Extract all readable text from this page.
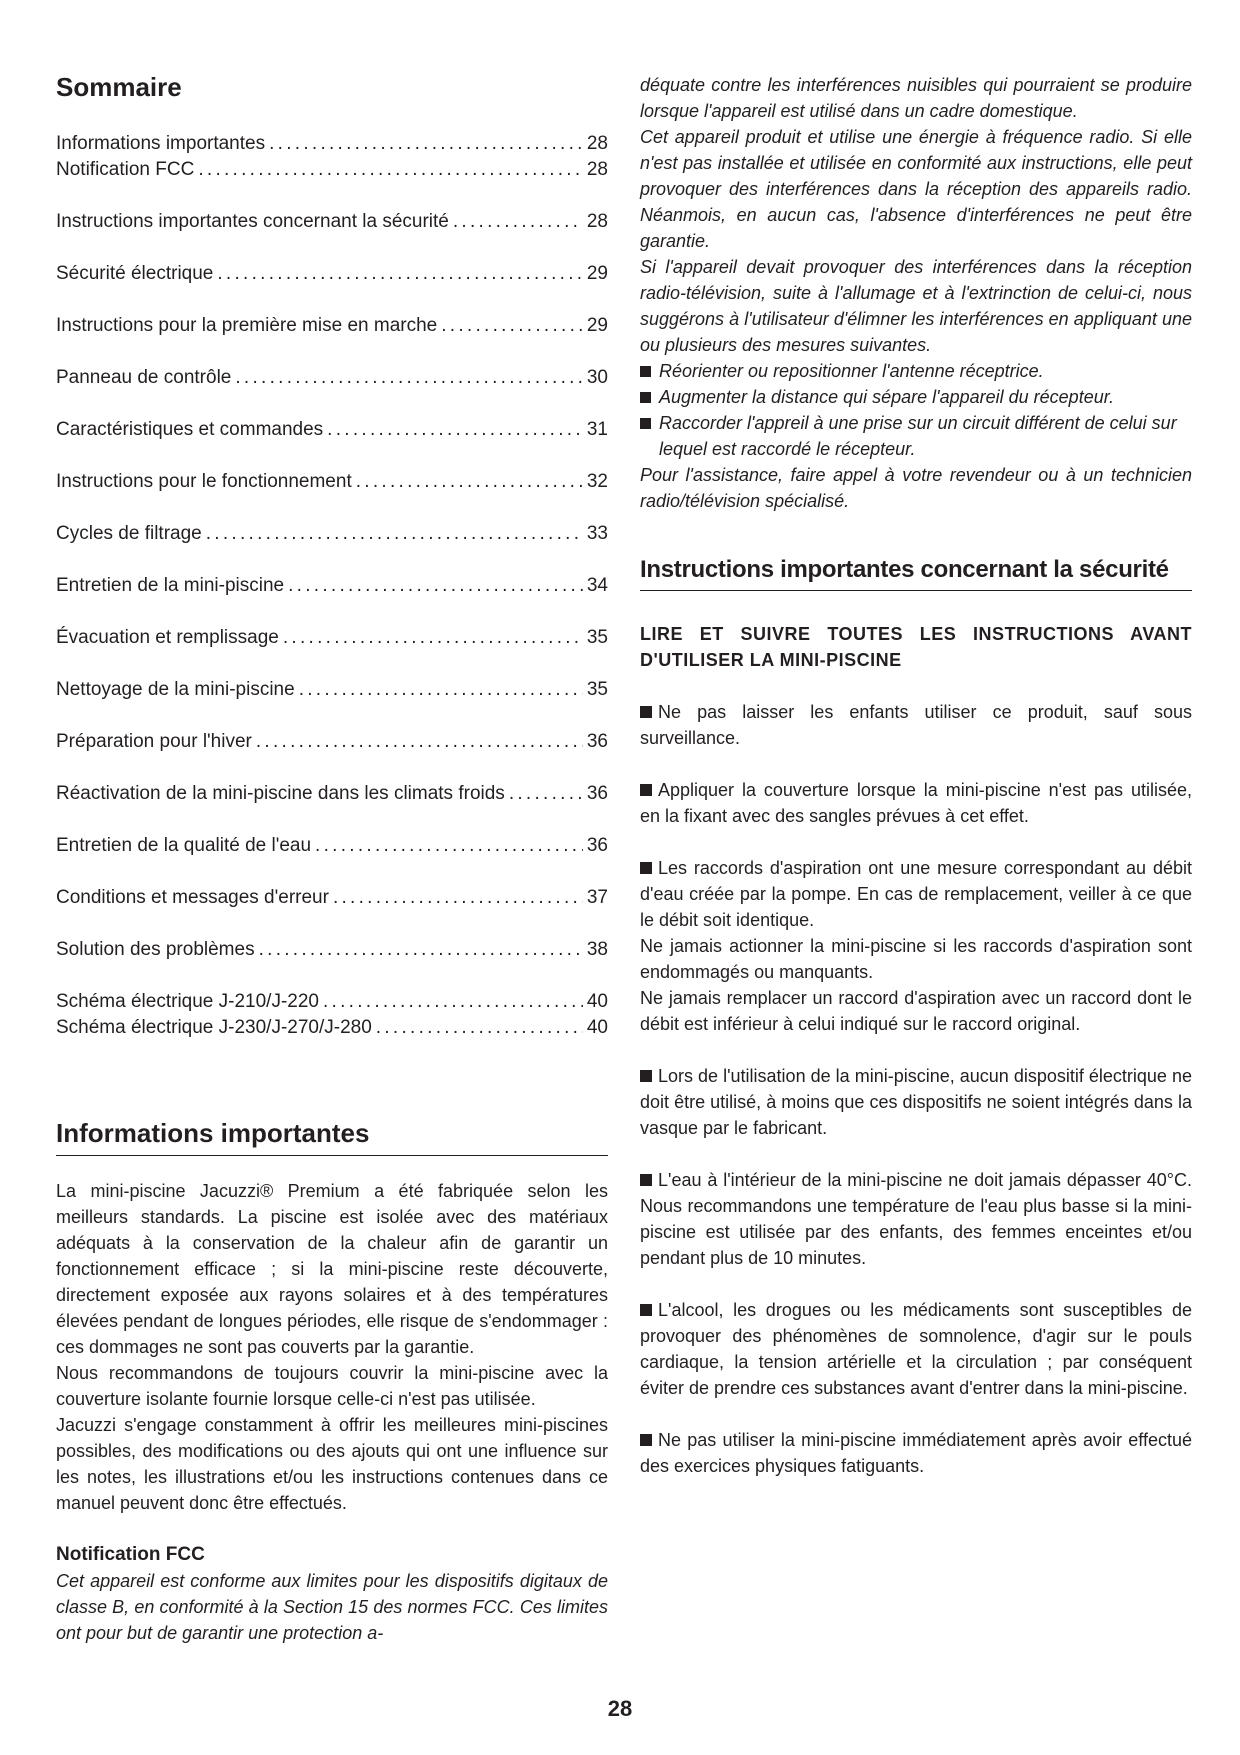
Sommaire
Informations importantes . . .	28
Notification FCC . . .	28
Instructions importantes concernant la sécurité . . .	28
Sécurité électrique . . .	29
Instructions pour la première mise en marche . . .	29
Panneau de contrôle . . .	30
Caractéristiques et commandes . . .	31
Instructions pour le fonctionnement . . .	32
Cycles de filtrage . . .	33
Entretien de la mini-piscine . . .	34
Évacuation et remplissage . . .	35
Nettoyage de la mini-piscine . . .	35
Préparation pour l'hiver . . .	36
Réactivation de la mini-piscine dans les climats froids . . .	36
Entretien de la qualité de l'eau . . .	36
Conditions et messages d'erreur . . .	37
Solution des problèmes . . .	38
Schéma électrique J-210/J-220 . . .	40
Schéma électrique J-230/J-270/J-280 . . .	40
Informations importantes

La mini-piscine Jacuzzi® Premium a été fabriquée selon les meilleurs standards. La piscine est isolée avec des matériaux adéquats à la conservation de la chaleur afin de garantir un fonctionnement efficace ; si la mini-piscine reste découverte, directement exposée aux rayons solaires et à des températures élevées pendant de longues périodes, elle risque de s'endommager : ces dommages ne sont pas couverts par la garantie.

Nous recommandons de toujours couvrir la mini-piscine avec la couverture isolante fournie lorsque celle-ci n'est pas utilisée.

Jacuzzi s'engage constamment à offrir les meilleures mini-piscines possibles, des modifications ou des ajouts qui ont une influence sur les notes, les illustrations et/ou les instructions contenues dans ce manuel peuvent donc être effectués.

Notification FCC

Cet appareil est conforme aux limites pour les dispositifs digitaux de classe B, en conformité à la Section 15 des normes FCC. Ces limites ont pour but de garantir une protection a-

déquate contre les interférences nuisibles qui pourraient se produire lorsque l'appareil est utilisé dans un cadre domestique.

Cet appareil produit et utilise une énergie à fréquence radio. Si elle n'est pas installée et utilisée en conformité aux instructions, elle peut provoquer des interférences dans la réception des appareils radio. Néanmois, en aucun cas, l'absence d'interférences ne peut être garantie.

Si l'appareil devait provoquer des interférences dans la réception radio-télévision, suite à l'allumage et à l'extrinction de celui-ci, nous suggérons à l'utilisateur d'élimner les interférences en appliquant une ou plusieurs des mesures suivantes.

Réorienter ou repositionner l'antenne réceptrice.
Augmenter la distance qui sépare l'appareil du récepteur.
Raccorder l'appreil à une prise sur un circuit différent de celui sur lequel est raccordé le récepteur.

Pour l'assistance, faire appel à votre revendeur ou à un technicien radio/télévision spécialisé.

Instructions importantes concernant la sécurité
LIRE ET SUIVRE TOUTES LES INSTRUCTIONS AVANT D'UTILISER LA MINI-PISCINE

Ne pas laisser les enfants utiliser ce produit, sauf sous surveillance.

Appliquer la couverture lorsque la mini-piscine n'est pas utilisée, en la fixant avec des sangles prévues à cet effet.

Les raccords d'aspiration ont une mesure correspondant au débit d'eau créée par la pompe. En cas de remplacement, veiller à ce que le débit soit identique.

Ne jamais actionner la mini-piscine si les raccords d'aspiration sont endommagés ou manquants.

Ne jamais remplacer un raccord d'aspiration avec un raccord dont le débit est inférieur à celui indiqué sur le raccord original.

Lors de l'utilisation de la mini-piscine, aucun dispositif électrique ne doit être utilisé, à moins que ces dispositifs ne soient intégrés dans la vasque par le fabricant.

L'eau à l'intérieur de la mini-piscine ne doit jamais dépasser 40°C. Nous recommandons une température de l'eau plus basse si la mini-piscine est utilisée par des enfants, des femmes enceintes et/ou pendant plus de 10 minutes.

L'alcool, les drogues ou les médicaments sont susceptibles de provoquer des phénomènes de somnolence, d'agir sur le pouls cardiaque, la tension artérielle et la circulation ; par conséquent éviter de prendre ces substances avant d'entrer dans la mini-piscine.

Ne pas utiliser la mini-piscine immédiatement après avoir effectué des exercices physiques fatiguants.

28
